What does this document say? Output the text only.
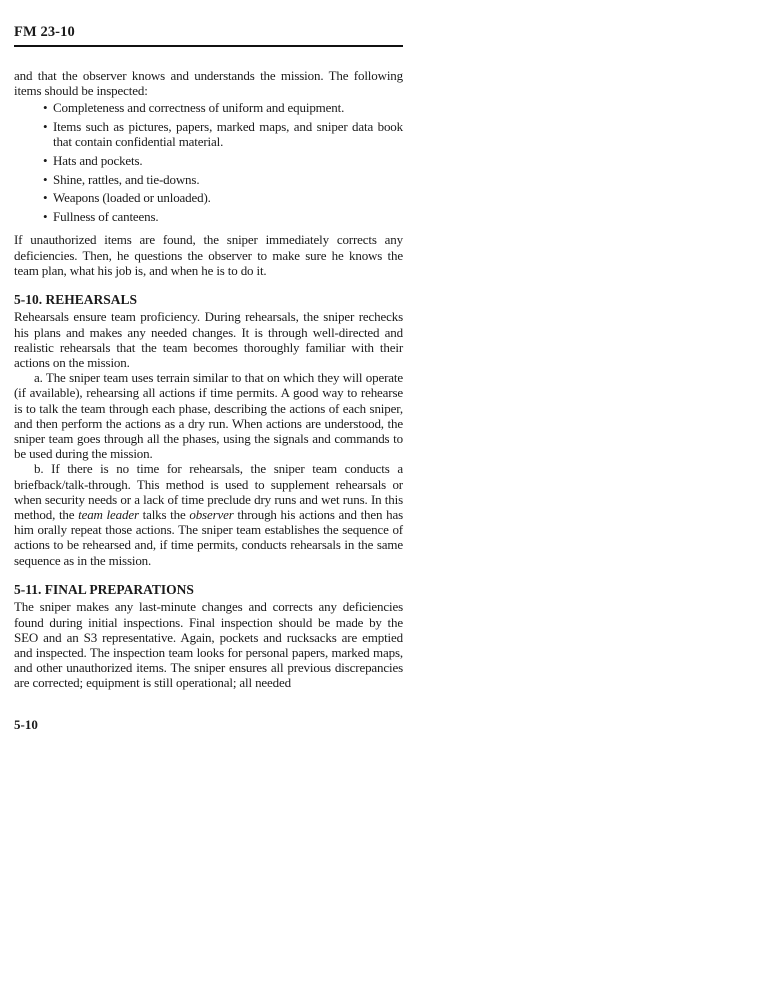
FM 23-10

and that the observer knows and understands the mission. The following items should be inspected:

• Completeness and correctness of uniform and equipment.
• Items such as pictures, papers, marked maps, and sniper data book that contain confidential material.
• Hats and pockets.
• Shine, rattles, and tie-downs.
• Weapons (loaded or unloaded).
• Fullness of canteens.

If unauthorized items are found, the sniper immediately corrects any deficiencies. Then, he questions the observer to make sure he knows the team plan, what his job is, and when he is to do it.

5-10. REHEARSALS

Rehearsals ensure team proficiency. During rehearsals, the sniper rechecks his plans and makes any needed changes. It is through well-directed and realistic rehearsals that the team becomes thoroughly familiar with their actions on the mission.

a. The sniper team uses terrain similar to that on which they will operate (if available), rehearsing all actions if time permits. A good way to rehearse is to talk the team through each phase, describing the actions of each sniper, and then perform the actions as a dry run. When actions are understood, the sniper team goes through all the phases, using the signals and commands to be used during the mission.

b. If there is no time for rehearsals, the sniper team conducts a briefback/talk-through. This method is used to supplement rehearsals or when security needs or a lack of time preclude dry runs and wet runs. In this method, the team leader talks the observer through his actions and then has him orally repeat those actions. The sniper team establishes the sequence of actions to be rehearsed and, if time permits, conducts rehearsals in the same sequence as in the mission.

5-11. FINAL PREPARATIONS

The sniper makes any last-minute changes and corrects any deficiencies found during initial inspections. Final inspection should be made by the SEO and an S3 representative. Again, pockets and rucksacks are emptied and inspected. The inspection team looks for personal papers, marked maps, and other unauthorized items. The sniper ensures all previous discrepancies are corrected; equipment is still operational; all needed

5-10
